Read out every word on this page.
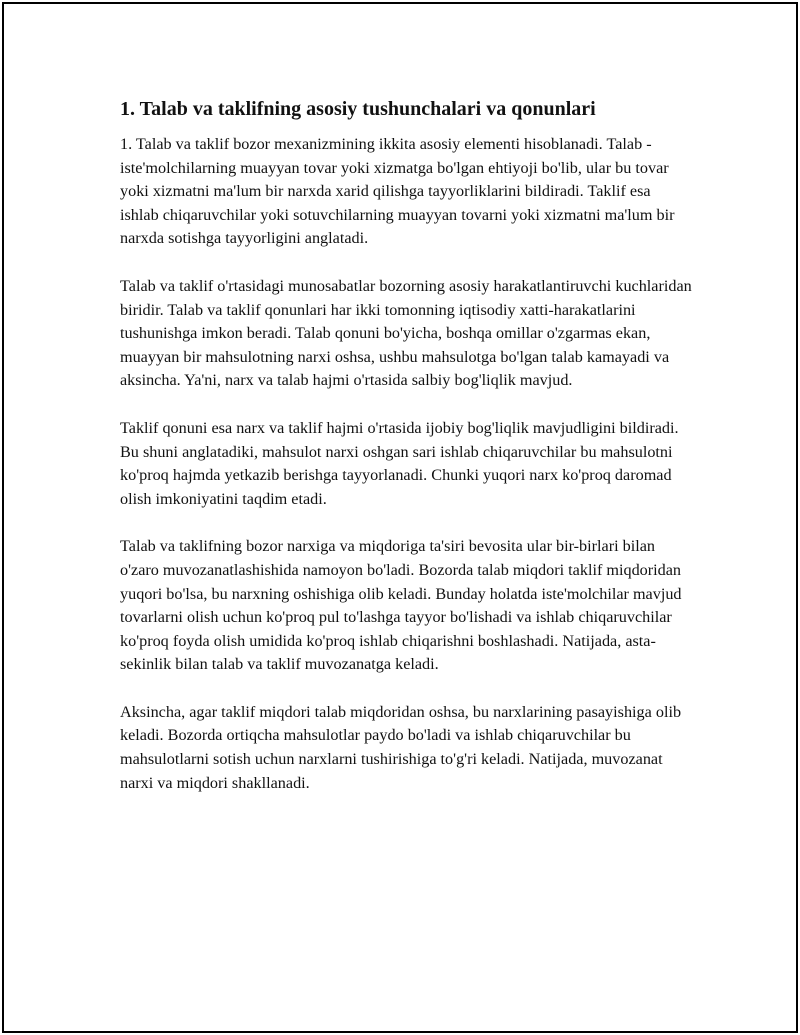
1. Talab va taklifning asosiy tushunchalari va qonunlari

1. Talab va taklif bozor mexanizmining ikkita asosiy elementi hisoblanadi. Talab - iste'molchilarning muayyan tovar yoki xizmatga bo'lgan ehtiyoji bo'lib, ular bu tovar yoki xizmatni ma'lum bir narxda xarid qilishga tayyorliklarini bildiradi. Taklif esa ishlab chiqaruvchilar yoki sotuvchilarning muayyan tovarni yoki xizmatni ma'lum bir narxda sotishga tayyorligini anglatadi.

Talab va taklif o'rtasidagi munosabatlar bozorning asosiy harakatlantiruvchi kuchlaridan biridir. Talab va taklif qonunlari har ikki tomonning iqtisodiy xatti-harakatlarini tushunishga imkon beradi. Talab qonuni bo'yicha, boshqa omillar o'zgarmas ekan, muayyan bir mahsulotning narxi oshsa, ushbu mahsulotga bo'lgan talab kamayadi va aksincha. Ya'ni, narx va talab hajmi o'rtasida salbiy bog'liqlik mavjud.

Taklif qonuni esa narx va taklif hajmi o'rtasida ijobiy bog'liqlik mavjudligini bildiradi. Bu shuni anglatadiki, mahsulot narxi oshgan sari ishlab chiqaruvchilar bu mahsulotni ko'proq hajmda yetkazib berishga tayyorlanadi. Chunki yuqori narx ko'proq daromad olish imkoniyatini taqdim etadi.

Talab va taklifning bozor narxiga va miqdoriga ta'siri bevosita ular bir-birlari bilan o'zaro muvozanatlashishida namoyon bo'ladi. Bozorda talab miqdori taklif miqdoridan yuqori bo'lsa, bu narxning oshishiga olib keladi. Bunday holatda iste'molchilar mavjud tovarlarni olish uchun ko'proq pul to'lashga tayyor bo'lishadi va ishlab chiqaruvchilar ko'proq foyda olish umidida ko'proq ishlab chiqarishni boshlashadi. Natijada, asta-sekinlik bilan talab va taklif muvozanatga keladi.

Aksincha, agar taklif miqdori talab miqdoridan oshsa, bu narxlarining pasayishiga olib keladi. Bozorda ortiqcha mahsulotlar paydo bo'ladi va ishlab chiqaruvchilar bu mahsulotlarni sotish uchun narxlarni tushirishiga to'g'ri keladi. Natijada, muvozanat narxi va miqdori shakllanadi.
